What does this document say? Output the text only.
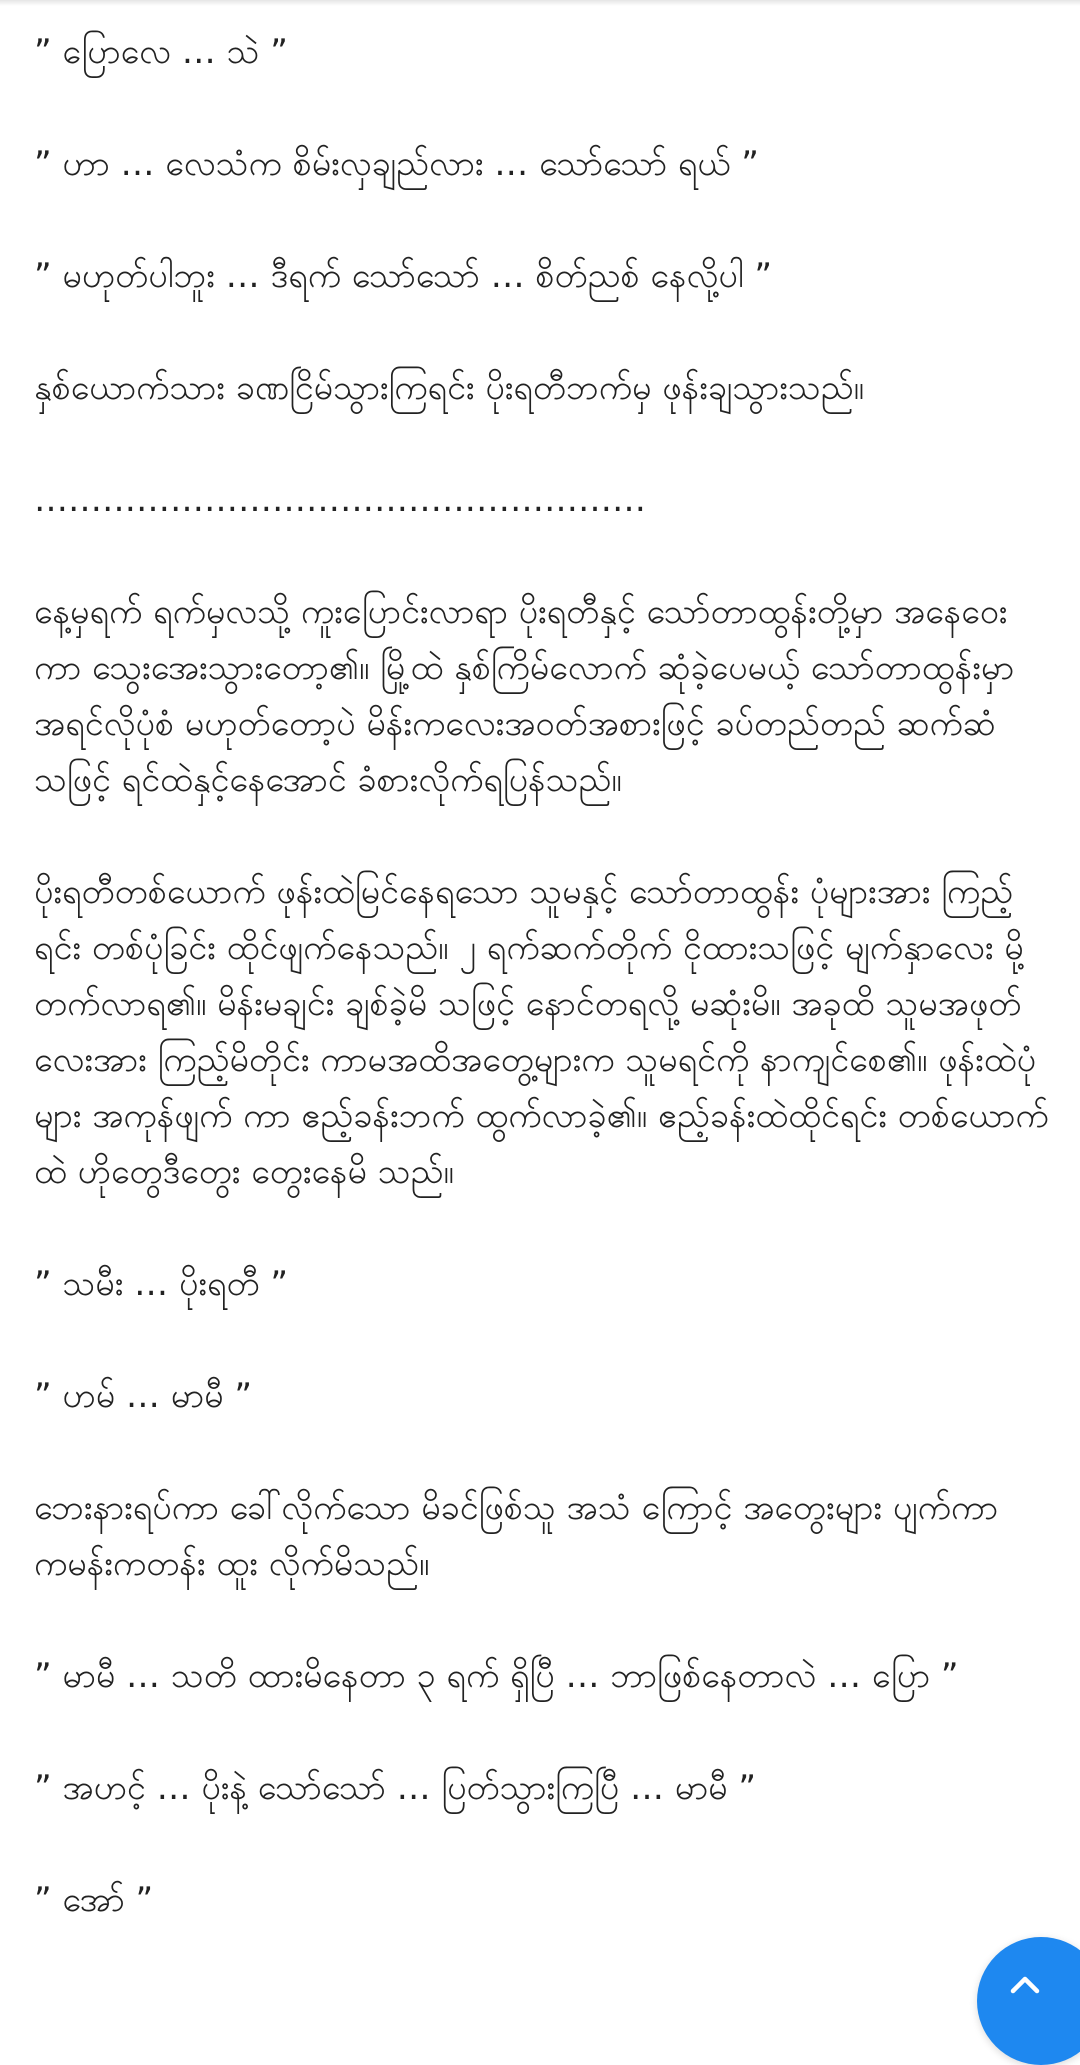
” ပြောလေ … သဲ ”

” ဟာ … လေသံက စိမ်းလှချည်လား … သော်သော် ရယ် ”

” မဟုတ်ပါဘူး … ဒီရက် သော်သော် … စိတ်ညစ် နေလို့ပါ ”

နှစ်ယောက်သား ခဏငြိမ်သွားကြရင်း ပိုးရတီဘက်မှ ဖုန်းချသွားသည်။

………………………………………………

နေ့မှရက် ရက်မှလသို့ ကူးပြောင်းလာရာ ပိုးရတီနှင့် သော်တာထွန်းတို့မှာ အနေဝေးကာ သွေးအေးသွားတော့၏။ မြို့ထဲ နှစ်ကြိမ်လောက် ဆုံခဲ့ပေမယ့် သော်တာထွန်းမှာ အရင်လိုပုံစံ မဟုတ်တော့ပဲ မိန်းကလေးအဝတ်အစားဖြင့် ခပ်တည်တည် ဆက်ဆံသဖြင့် ရင်ထဲနှင့်နေအောင် ခံစားလိုက်ရပြန်သည်။

ပိုးရတီတစ်ယောက် ဖုန်းထဲမြင်နေရသော သူမနှင့် သော်တာထွန်း ပုံများအား ကြည့်ရင်း တစ်ပုံခြင်း ထိုင်ဖျက်နေသည်။ ၂ ရက်ဆက်တိုက် ငိုထားသဖြင့် မျက်နှာလေး မို့တက်လာရ၏။ မိန်းမချင်း ချစ်ခဲ့မိ သဖြင့် နောင်တရလို့ မဆုံးမိ။ အခုထိ သူမအဖုတ် လေးအား ကြည့်မိတိုင်း ကာမအထိအတွေ့များက သူမရင်ကို နာကျင်စေ၏။ ဖုန်းထဲပုံများ အကုန်ဖျက် ကာ ဧည့်ခန်းဘက် ထွက်လာခဲ့၏။ ဧည့်ခန်းထဲထိုင်ရင်း တစ်ယောက်ထဲ ဟိုတွေဒီတွေး တွေးနေမိ သည်။

” သမီး … ပိုးရတီ ”

” ဟမ် … မာမီ ”

ဘေးနားရပ်ကာ ခေါ်လိုက်သော မိခင်ဖြစ်သူ အသံ ကြောင့် အတွေးများ ပျက်ကာ ကမန်းကတန်း ထူး လိုက်မိသည်။

” မာမီ … သတိ ထားမိနေတာ ၃ ရက် ရှိပြီ … ဘာဖြစ်နေတာလဲ … ပြော ”

” အဟင့် … ပိုးနဲ့ သော်သော် … ပြတ်သွားကြပြီ … မာမီ ”

” အော် ”
